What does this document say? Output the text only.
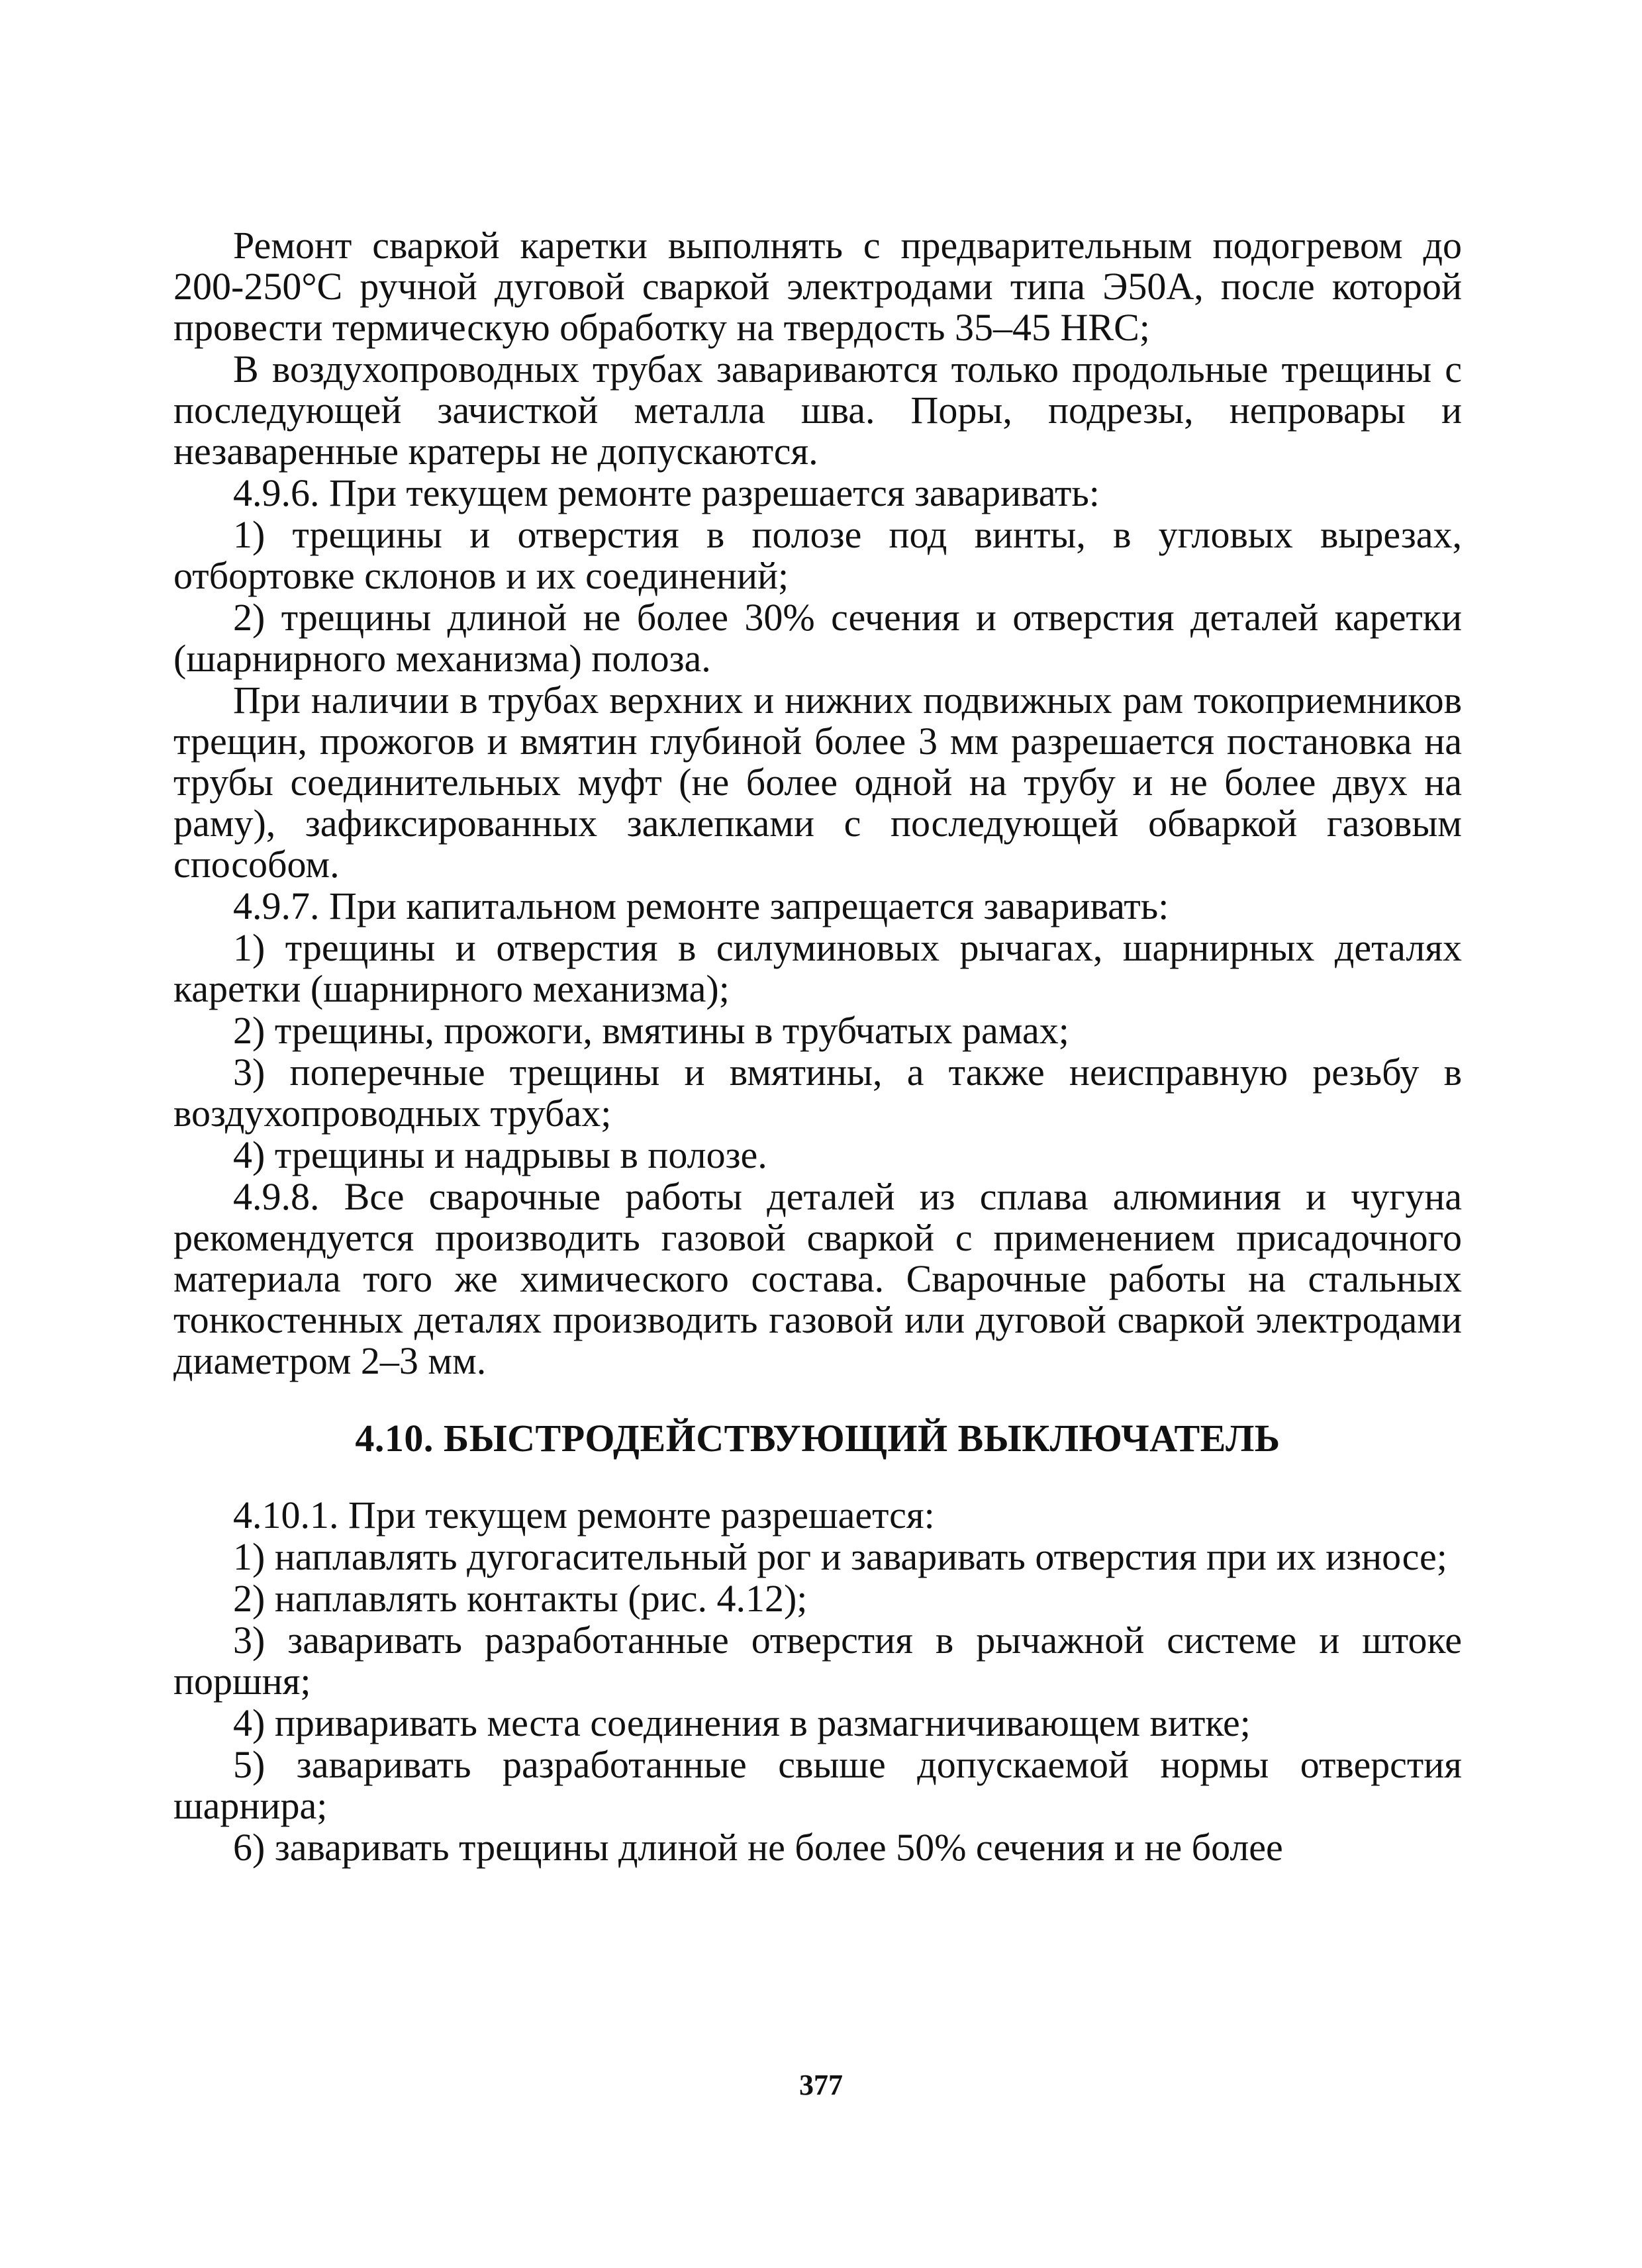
Ремонт сваркой каретки выполнять с предварительным подогревом до 200-250°С ручной дуговой сваркой электродами типа Э50А, после которой провести термическую обработку на твердость 35–45 HRC;

В воздухопроводных трубах завариваются только продольные трещины с последующей зачисткой металла шва. Поры, подрезы, непровары и незаваренные кратеры не допускаются.

4.9.6. При текущем ремонте разрешается заваривать:

1) трещины и отверстия в полозе под винты, в угловых вырезах, отбортовке склонов и их соединений;

2) трещины длиной не более 30% сечения и отверстия деталей каретки (шарнирного механизма) полоза.

При наличии в трубах верхних и нижних подвижных рам токоприемников трещин, прожогов и вмятин глубиной более 3 мм разрешается постановка на трубы соединительных муфт (не более одной на трубу и не более двух на раму), зафиксированных заклепками с последующей обваркой газовым способом.

4.9.7. При капитальном ремонте запрещается заваривать:

1) трещины и отверстия в силуминовых рычагах, шарнирных деталях каретки (шарнирного механизма);

2) трещины, прожоги, вмятины в трубчатых рамах;

3) поперечные трещины и вмятины, а также неисправную резьбу в воздухопроводных трубах;

4) трещины и надрывы в полозе.

4.9.8. Все сварочные работы деталей из сплава алюминия и чугуна рекомендуется производить газовой сваркой с применением присадочного материала того же химического состава. Сварочные работы на стальных тонкостенных деталях производить газовой или дуговой сваркой электродами диаметром 2–3 мм.

4.10. БЫСТРОДЕЙСТВУЮЩИЙ ВЫКЛЮЧАТЕЛЬ

4.10.1. При текущем ремонте разрешается:

1) наплавлять дугогасительный рог и заваривать отверстия при их износе;

2) наплавлять контакты (рис. 4.12);

3) заваривать разработанные отверстия в рычажной системе и штоке поршня;

4) приваривать места соединения в размагничивающем витке;

5) заваривать разработанные свыше допускаемой нормы отверстия шарнира;

6) заваривать трещины длиной не более 50% сечения и не более

377
